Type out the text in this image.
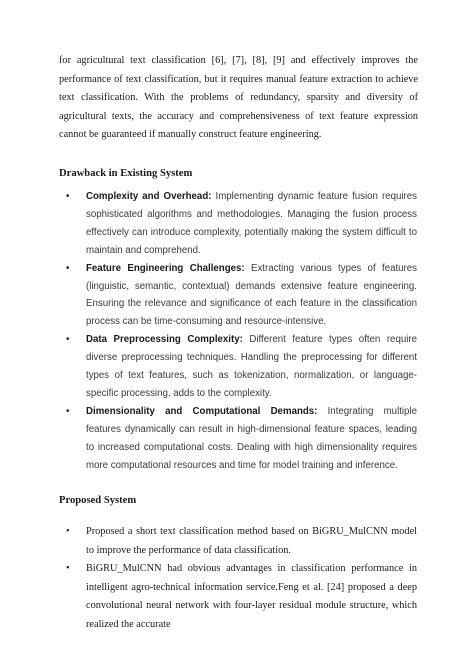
for agricultural text classification [6], [7], [8], [9] and effectively improves the performance of text classification, but it requires manual feature extraction to achieve text classification. With the problems of redundancy, sparsity and diversity of agricultural texts, the accuracy and comprehensiveness of text feature expression cannot be guaranteed if manually construct feature engineering.

Drawback in Existing System
• Complexity and Overhead: Implementing dynamic feature fusion requires sophisticated algorithms and methodologies. Managing the fusion process effectively can introduce complexity, potentially making the system difficult to maintain and comprehend.
• Feature Engineering Challenges: Extracting various types of features (linguistic, semantic, contextual) demands extensive feature engineering. Ensuring the relevance and significance of each feature in the classification process can be time-consuming and resource-intensive.
• Data Preprocessing Complexity: Different feature types often require diverse preprocessing techniques. Handling the preprocessing for different types of text features, such as tokenization, normalization, or language-specific processing, adds to the complexity.
• Dimensionality and Computational Demands: Integrating multiple features dynamically can result in high-dimensional feature spaces, leading to increased computational costs. Dealing with high dimensionality requires more computational resources and time for model training and inference.
Proposed System
• Proposed a short text classification method based on BiGRU_MulCNN model to improve the performance of data classification.
• BiGRU_MulCNN had obvious advantages in classification performance in intelligent agro-technical information service.Feng et al. [24] proposed a deep convolutional neural network with four-layer residual module structure, which realized the accurate
